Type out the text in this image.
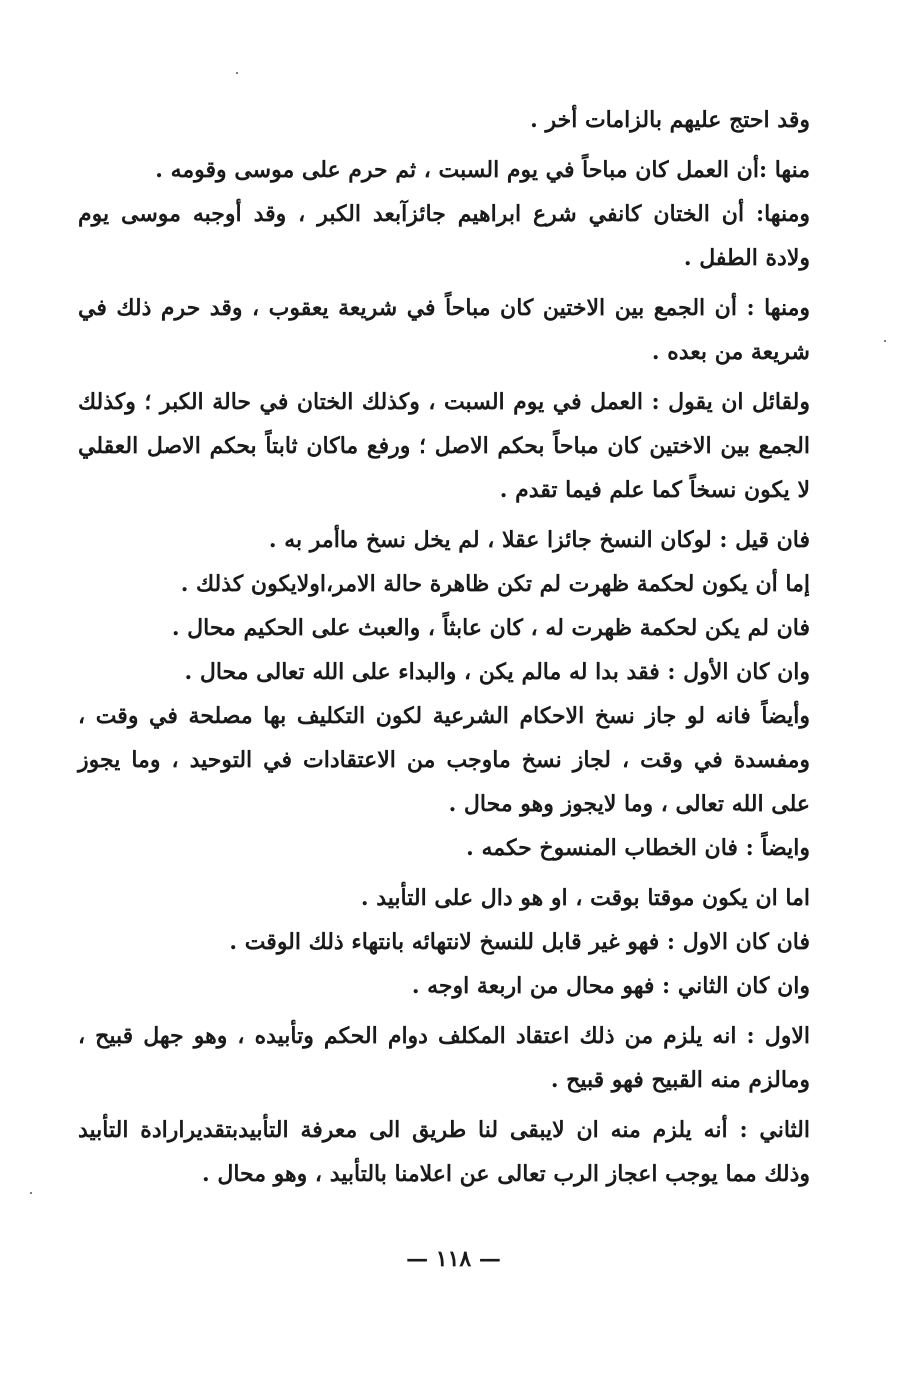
وقد احتج عليهم بالزامات أخر .

منها :أن العمل كان مباحاً في يوم السبت ، ثم حرم على موسى وقومه .

ومنها: أن الختان كانفي شرع ابراهيم جائزآبعد الكبر ، وقد أوجبه موسى يوم ولادة الطفل .

ومنها : أن الجمع بين الاختين كان مباحاً في شريعة يعقوب ، وقد حرم ذلك في شريعة من بعده .

ولقائل ان يقول : العمل في يوم السبت ، وكذلك الختان في حالة الكبر ؛ وكذلك الجمع بين الاختين كان مباحاً بحكم الاصل ؛ ورفع ماكان ثابتاً بحكم الاصل العقلي لا يكون نسخاً كما علم فيما تقدم .

فان قيل : لوكان النسخ جائزا عقلا ، لم يخل نسخ ماأمر به .

إما أن يكون لحكمة ظهرت لم تكن ظاهرة حالة الامر،اولايكون كذلك .

فان لم يكن لحكمة ظهرت له ، كان عابثاً ، والعبث على الحكيم محال .

وان كان الأول : فقد بدا له مالم يكن ، والبداء على الله تعالى محال .

وأيضاً فانه لو جاز نسخ الاحكام الشرعية لكون التكليف بها مصلحة في وقت ، ومفسدة في وقت ، لجاز نسخ ماوجب من الاعتقادات في التوحيد ، وما يجوز على الله تعالى ، وما لايجوز وهو محال .

وايضاً : فان الخطاب المنسوخ حكمه .

اما ان يكون موقتا بوقت ، او هو دال على التأبيد .

فان كان الاول : فهو غير قابل للنسخ لانتهائه بانتهاء ذلك الوقت .

وان كان الثاني : فهو محال من اربعة اوجه .

الاول : انه يلزم من ذلك اعتقاد المكلف دوام الحكم وتأبيده ، وهو جهل قبيح ، ومالزم منه القبيح فهو قبيح .

الثاني : أنه يلزم منه ان لايبقى لنا طريق الى معرفة التأبيدبتقديرارادة التأبيد وذلك مما يوجب اعجاز الرب تعالى عن اعلامنا بالتأبيد ، وهو محال .

— ١١٨ —
